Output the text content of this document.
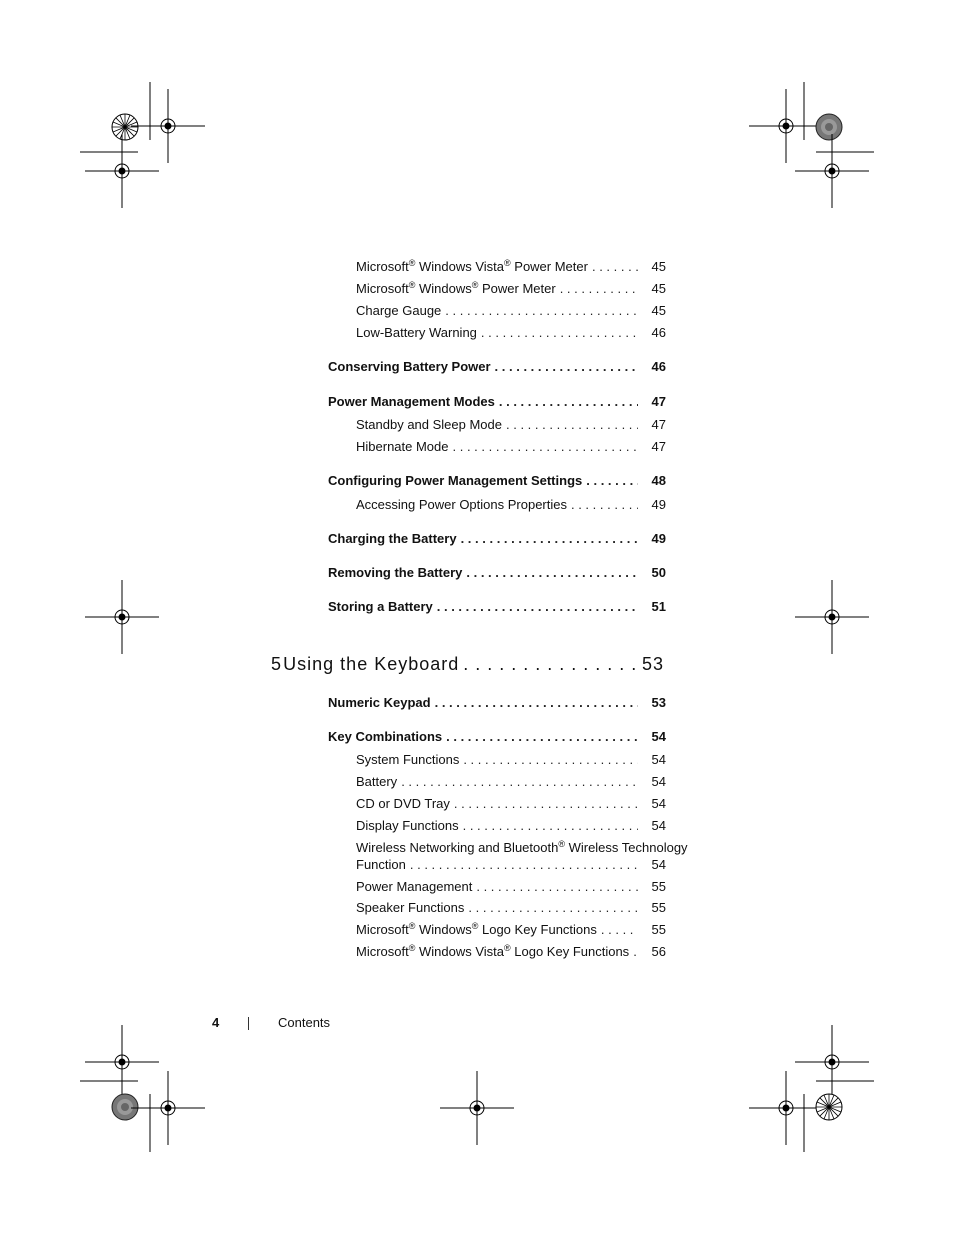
Microsoft® Windows Vista® Power Meter . . .	45
Microsoft® Windows® Power Meter . . .	45
Charge Gauge . . .	45
Low-Battery Warning . . .	46
Conserving Battery Power . . .	46
Power Management Modes . . .	47
Standby and Sleep Mode . . .	47
Hibernate Mode . . .	47
Configuring Power Management Settings . . .	48
Accessing Power Options Properties . . .	49
Charging the Battery . . .	49
Removing the Battery . . .	50
Storing a Battery . . .	51
5 Using the Keyboard . . .	53
Numeric Keypad . . .	53
Key Combinations . . .	54
System Functions . . .	54
Battery . . .	54
CD or DVD Tray . . .	54
Display Functions . . .	54
Wireless Networking and Bluetooth® Wireless Technology
Function . . .	54
Power Management . . .	55
Speaker Functions . . .	55
Microsoft® Windows® Logo Key Functions . . .	55
Microsoft® Windows Vista® Logo Key Functions . . .	56
4	Contents
